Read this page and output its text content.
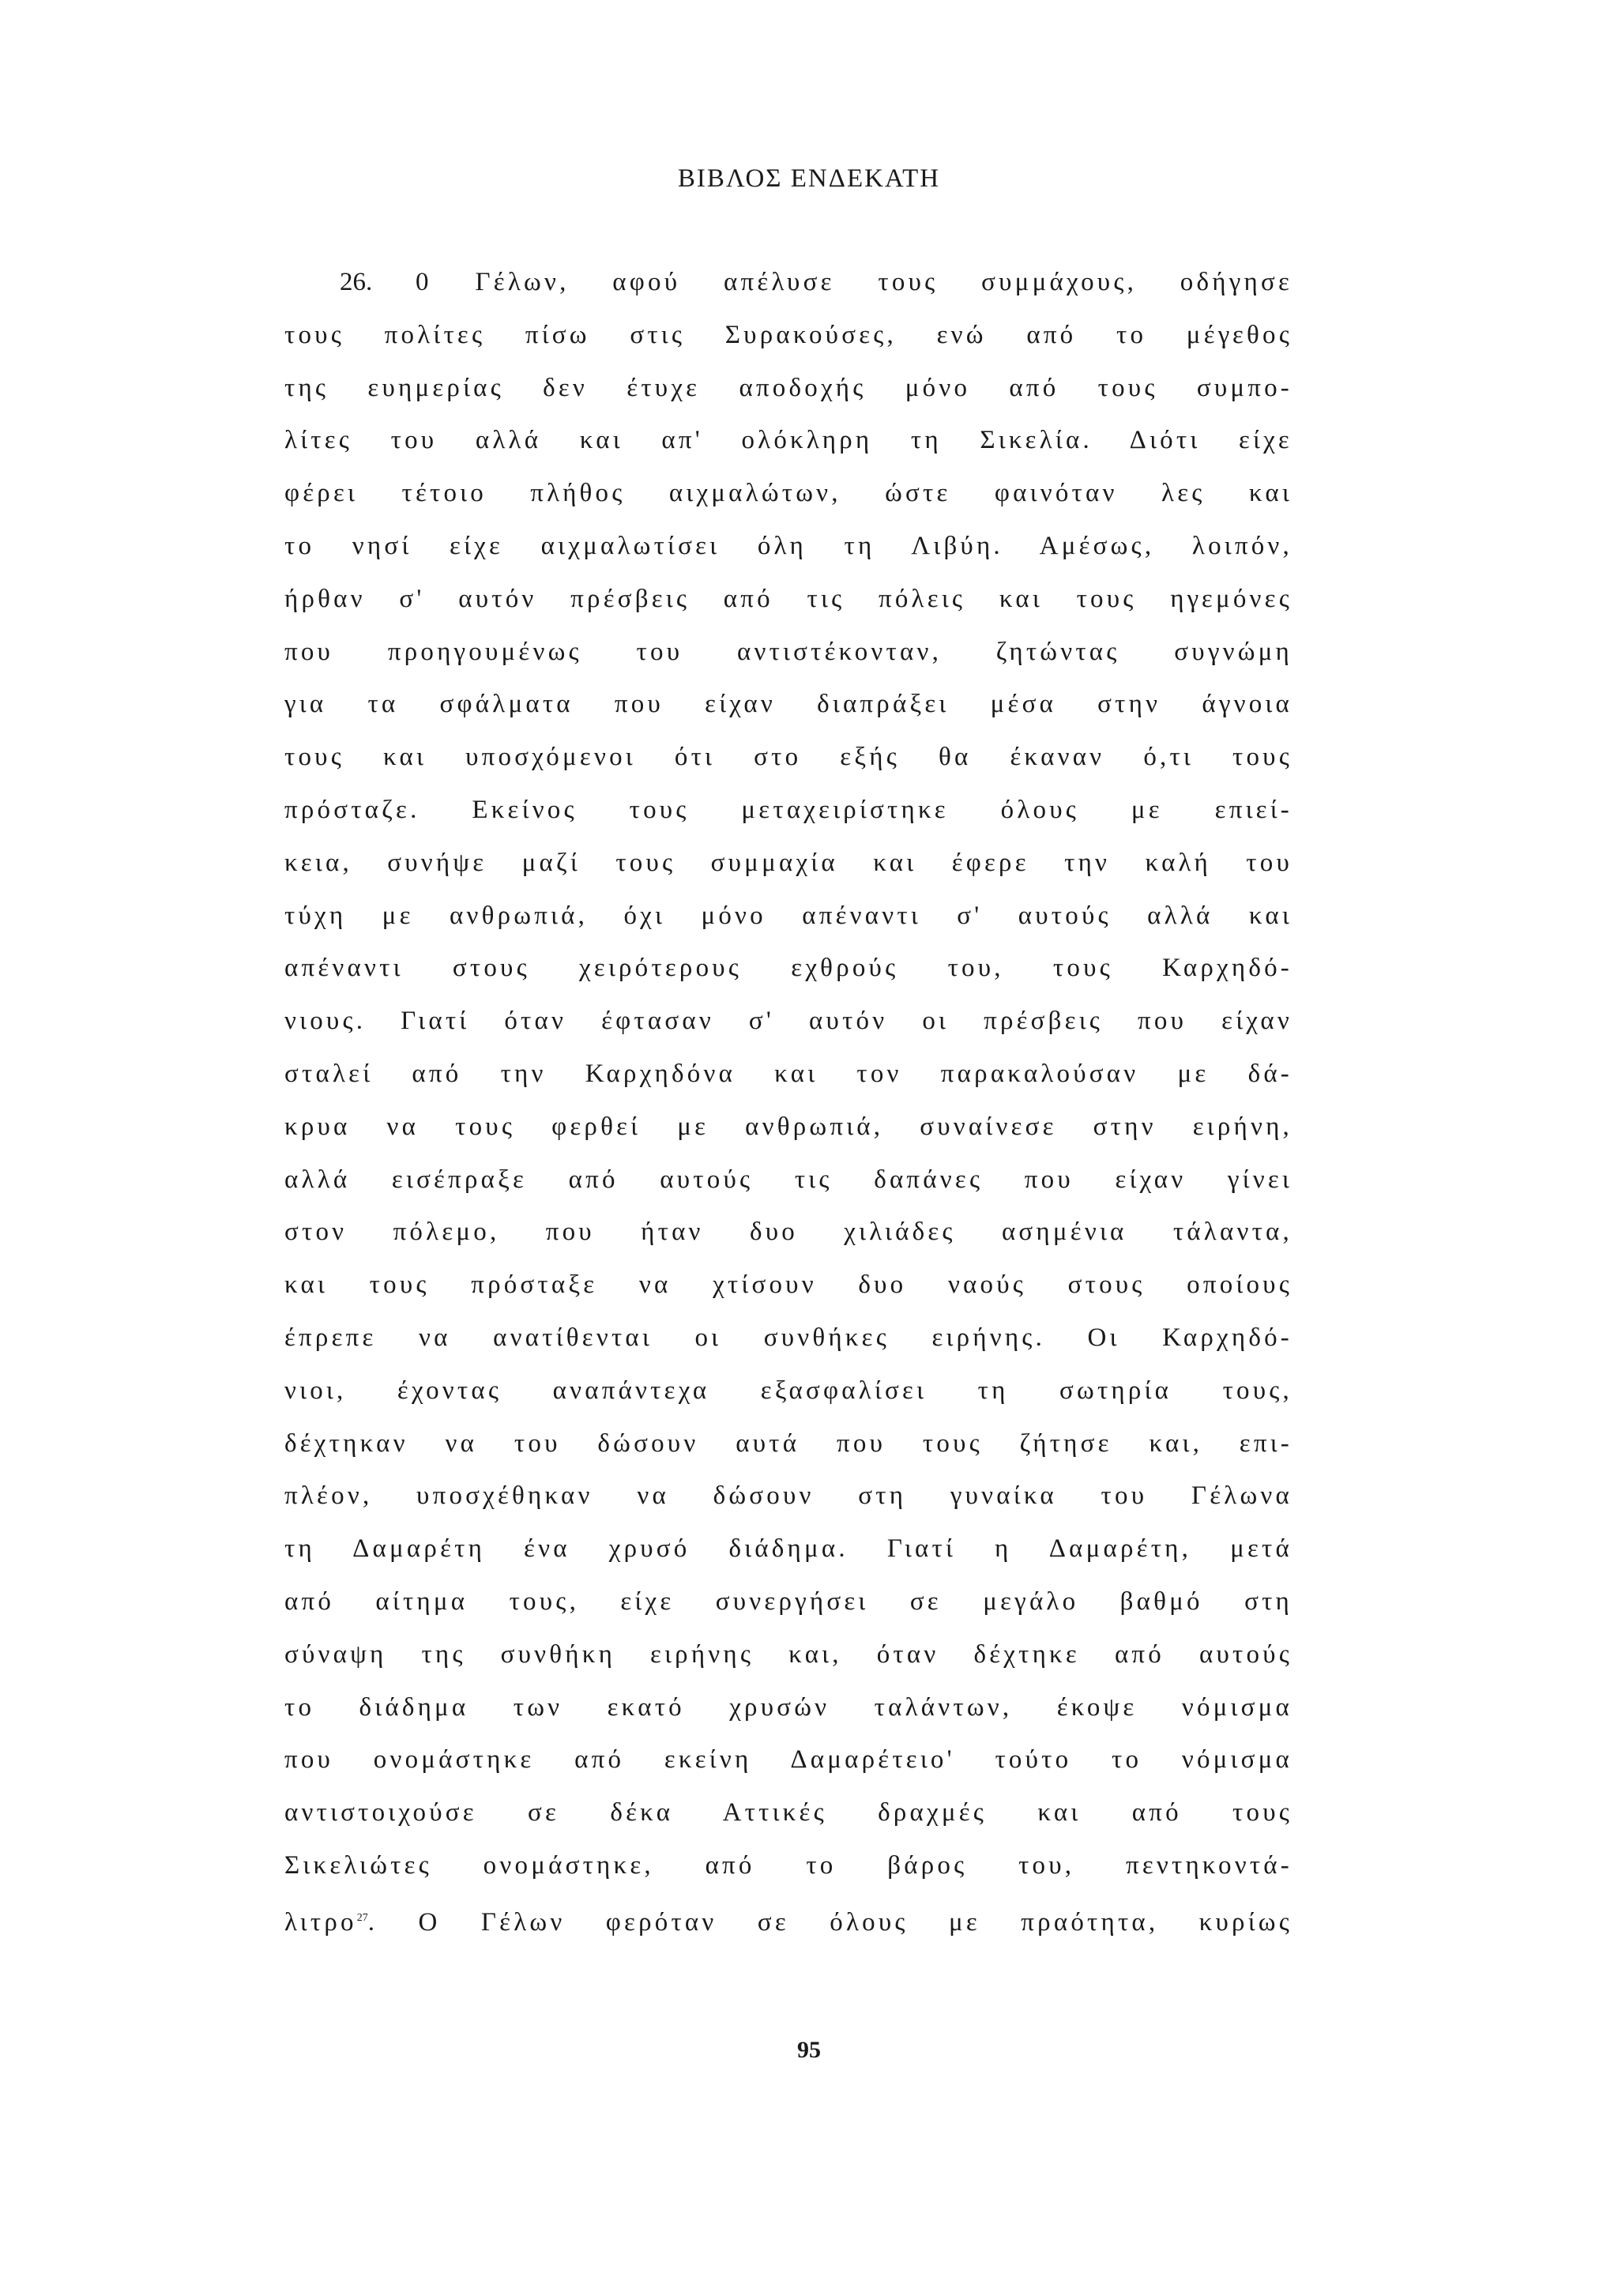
ΒΙΒΛΟΣ ΕΝΔΕΚΑΤΗ
26. 0 Γέλων, αφού απέλυσε τους συμμάχους, οδήγησε
τους πολίτες πίσω στις Συρακούσες, ενώ από το μέγεθος
της ευημερίας δεν έτυχε αποδοχής μόνο από τους συμπο-
λίτες του αλλά και απ' ολόκληρη τη Σικελία. Διότι είχε
φέρει τέτοιο πλήθος αιχμαλώτων, ώστε φαινόταν λες και
το νησί είχε αιχμαλωτίσει όλη τη Λιβύη. Αμέσως, λοιπόν,
ήρθαν σ' αυτόν πρέσβεις από τις πόλεις και τους ηγεμόνες
που προηγουμένως του αντιστέκονταν, ζητώντας συγνώμη
για τα σφάλματα που είχαν διαπράξει μέσα στην άγνοια
τους και υποσχόμενοι ότι στο εξής θα έκαναν ό,τι τους
πρόσταζε. Εκείνος τους μεταχειρίστηκε όλους με επιεί-
κεια, συνήψε μαζί τους συμμαχία και έφερε την καλή του
τύχη με ανθρωπιά, όχι μόνο απέναντι σ' αυτούς αλλά και
απέναντι στους χειρότερους εχθρούς του, τους Καρχηδό-
νιους. Γιατί όταν έφτασαν σ' αυτόν οι πρέσβεις που είχαν
σταλεί από την Καρχηδόνα και τον παρακαλούσαν με δά-
κρυα να τους φερθεί με ανθρωπιά, συναίνεσε στην ειρήνη,
αλλά εισέπραξε από αυτούς τις δαπάνες που είχαν γίνει
στον πόλεμο, που ήταν δυο χιλιάδες ασημένια τάλαντα,
και τους πρόσταξε να χτίσουν δυο ναούς στους οποίους
έπρεπε να ανατίθενται οι συνθήκες ειρήνης. Οι Καρχηδό-
νιοι, έχοντας αναπάντεχα εξασφαλίσει τη σωτηρία τους,
δέχτηκαν να του δώσουν αυτά που τους ζήτησε και, επι-
πλέον, υποσχέθηκαν να δώσουν στη γυναίκα του Γέλωνα
τη Δαμαρέτη ένα χρυσό διάδημα. Γιατί η Δαμαρέτη, μετά
από αίτημα τους, είχε συνεργήσει σε μεγάλο βαθμό στη
σύναψη της συνθήκη ειρήνης και, όταν δέχτηκε από αυτούς
το διάδημα των εκατό χρυσών ταλάντων, έκοψε νόμισμα
που ονομάστηκε από εκείνη Δαμαρέτειο' τούτο το νόμισμα
αντιστοιχούσε σε δέκα Αττικές δραχμές και από τους
Σικελιώτες ονομάστηκε, από το βάρος του, πεντηκοντά-
λιτρο$^{27}$. Ο Γέλων φερόταν σε όλους με πραότητα, κυρίως
95
